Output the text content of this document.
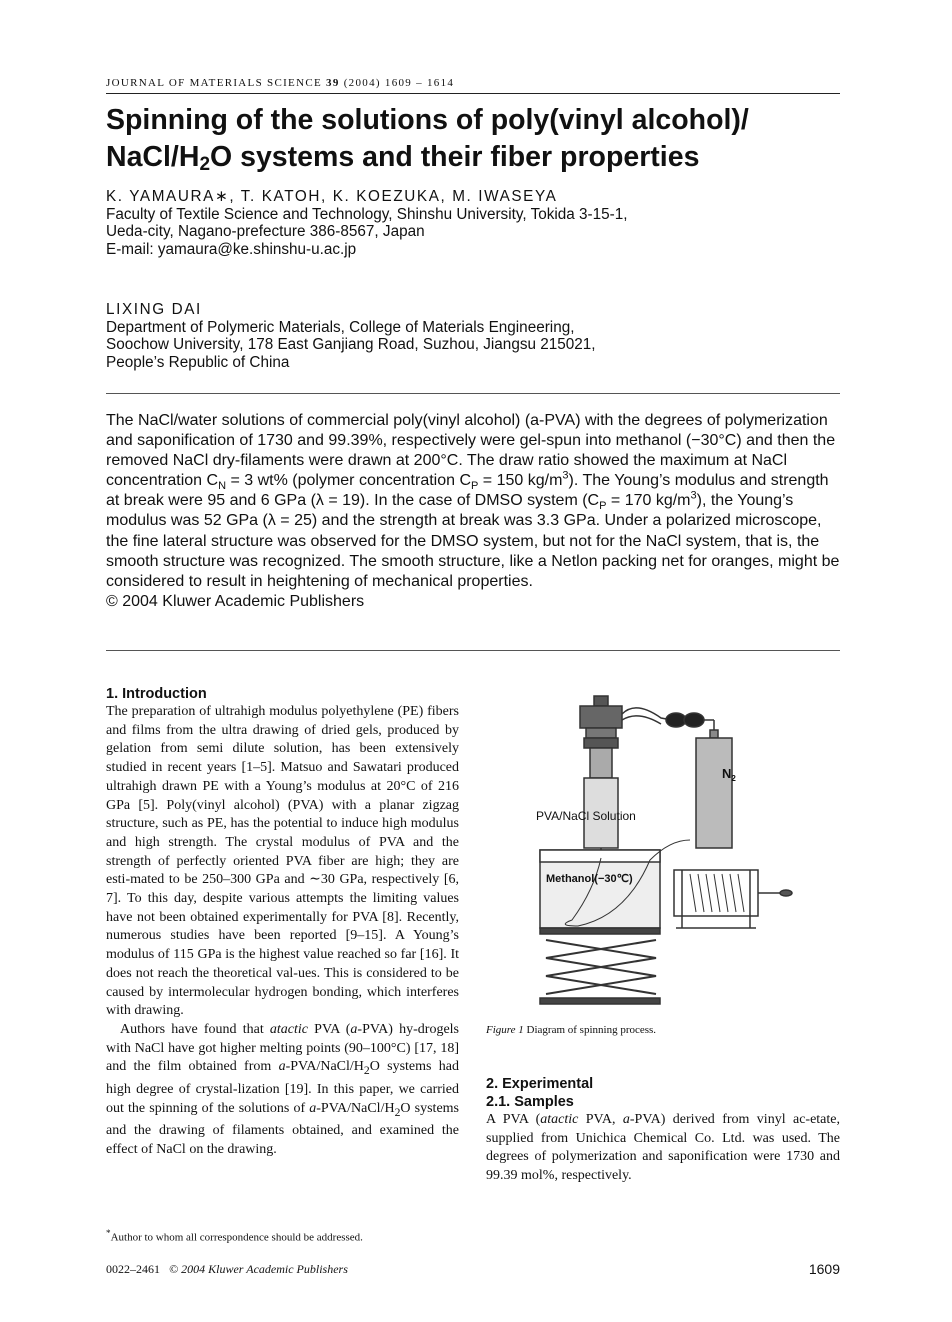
JOURNAL OF MATERIALS SCIENCE 39 (2004) 1609 – 1614
Spinning of the solutions of poly(vinyl alcohol)/
NaCl/$H_2O$ systems and their fiber properties
K. YAMAURA∗, T. KATOH, K. KOEZUKA, M. IWASEYA
Faculty of Textile Science and Technology, Shinshu University, Tokida 3-15-1,
Ueda-city, Nagano-prefecture 386-8567, Japan
E-mail: yamaura@ke.shinshu-u.ac.jp
LIXING DAI
Department of Polymeric Materials, College of Materials Engineering,
Soochow University, 178 East Ganjiang Road, Suzhou, Jiangsu 215021,
People’s Republic of China

The NaCl/water solutions of commercial poly(vinyl alcohol) (a-PVA) with the degrees of polymerization and saponification of 1730 and 99.39%, respectively were gel-spun into methanol (−30°C) and then the removed NaCl dry-filaments were drawn at 200°C. The draw ratio showed the maximum at NaCl concentration $C_N = 3$ wt% (polymer concentration $C_P = 150$ $kg/m^3$). The Young’s modulus and strength at break were 95 and 6 GPa (λ = 19). In the case of DMSO system ($C_P = 170$ $kg/m^3$), the Young’s modulus was 52 GPa (λ = 25) and the strength at break was 3.3 GPa. Under a polarized microscope, the fine lateral structure was observed for the DMSO system, but not for the NaCl system, that is, the smooth structure was recognized. The smooth structure, like a Netlon packing net for oranges, might be considered to result in heightening of mechanical properties.

© 2004 Kluwer Academic Publishers

1. Introduction

The preparation of ultrahigh modulus polyethylene (PE) fibers and films from the ultra drawing of dried gels, produced by gelation from semi dilute solution, has been extensively studied in recent years [1–5]. Matsuo and Sawatari produced ultrahigh drawn PE with a Young’s modulus at 20°C of 216 GPa [5]. Poly(vinyl alcohol) (PVA) with a planar zigzag structure, such as PE, has the potential to induce high modulus and high strength. The crystal modulus of PVA and the strength of perfectly oriented PVA fiber are high; they are esti-mated to be 250–300 GPa and ∼30 GPa, respectively [6, 7]. To this day, despite various attempts the limiting values have not been obtained experimentally for PVA [8]. Recently, numerous studies have been reported [9–15]. A Young’s modulus of 115 GPa is the highest value reached so far [16]. It does not reach the theoretical val-ues. This is considered to be caused by intermolecular hydrogen bonding, which interferes with drawing.

Authors have found that atactic PVA (a-PVA) hy-drogels with NaCl have got higher melting points (90–100°C) [17, 18] and the film obtained from $a-PVA/NaCl/H_2O$ systems had high degree of crystal-lization [19]. In this paper, we carried out the spinning of the solutions of $a-PVA/NaCl/H_2O$ systems and the drawing of filaments obtained, and examined the effect of NaCl on the drawing.

$N_2$
PVA/NaCl Solution
Methanol(−30℃)
Figure 1 Diagram of spinning process.
2. Experimental
2.1. Samples

A PVA (atactic PVA, a-PVA) derived from vinyl ac-etate, supplied from Unichica Chemical Co. Ltd. was used. The degrees of polymerization and saponification were 1730 and 99.39 mol%, respectively.

*Author to whom all correspondence should be addressed.
0022–2461 © 2004 Kluwer Academic Publishers	1609
